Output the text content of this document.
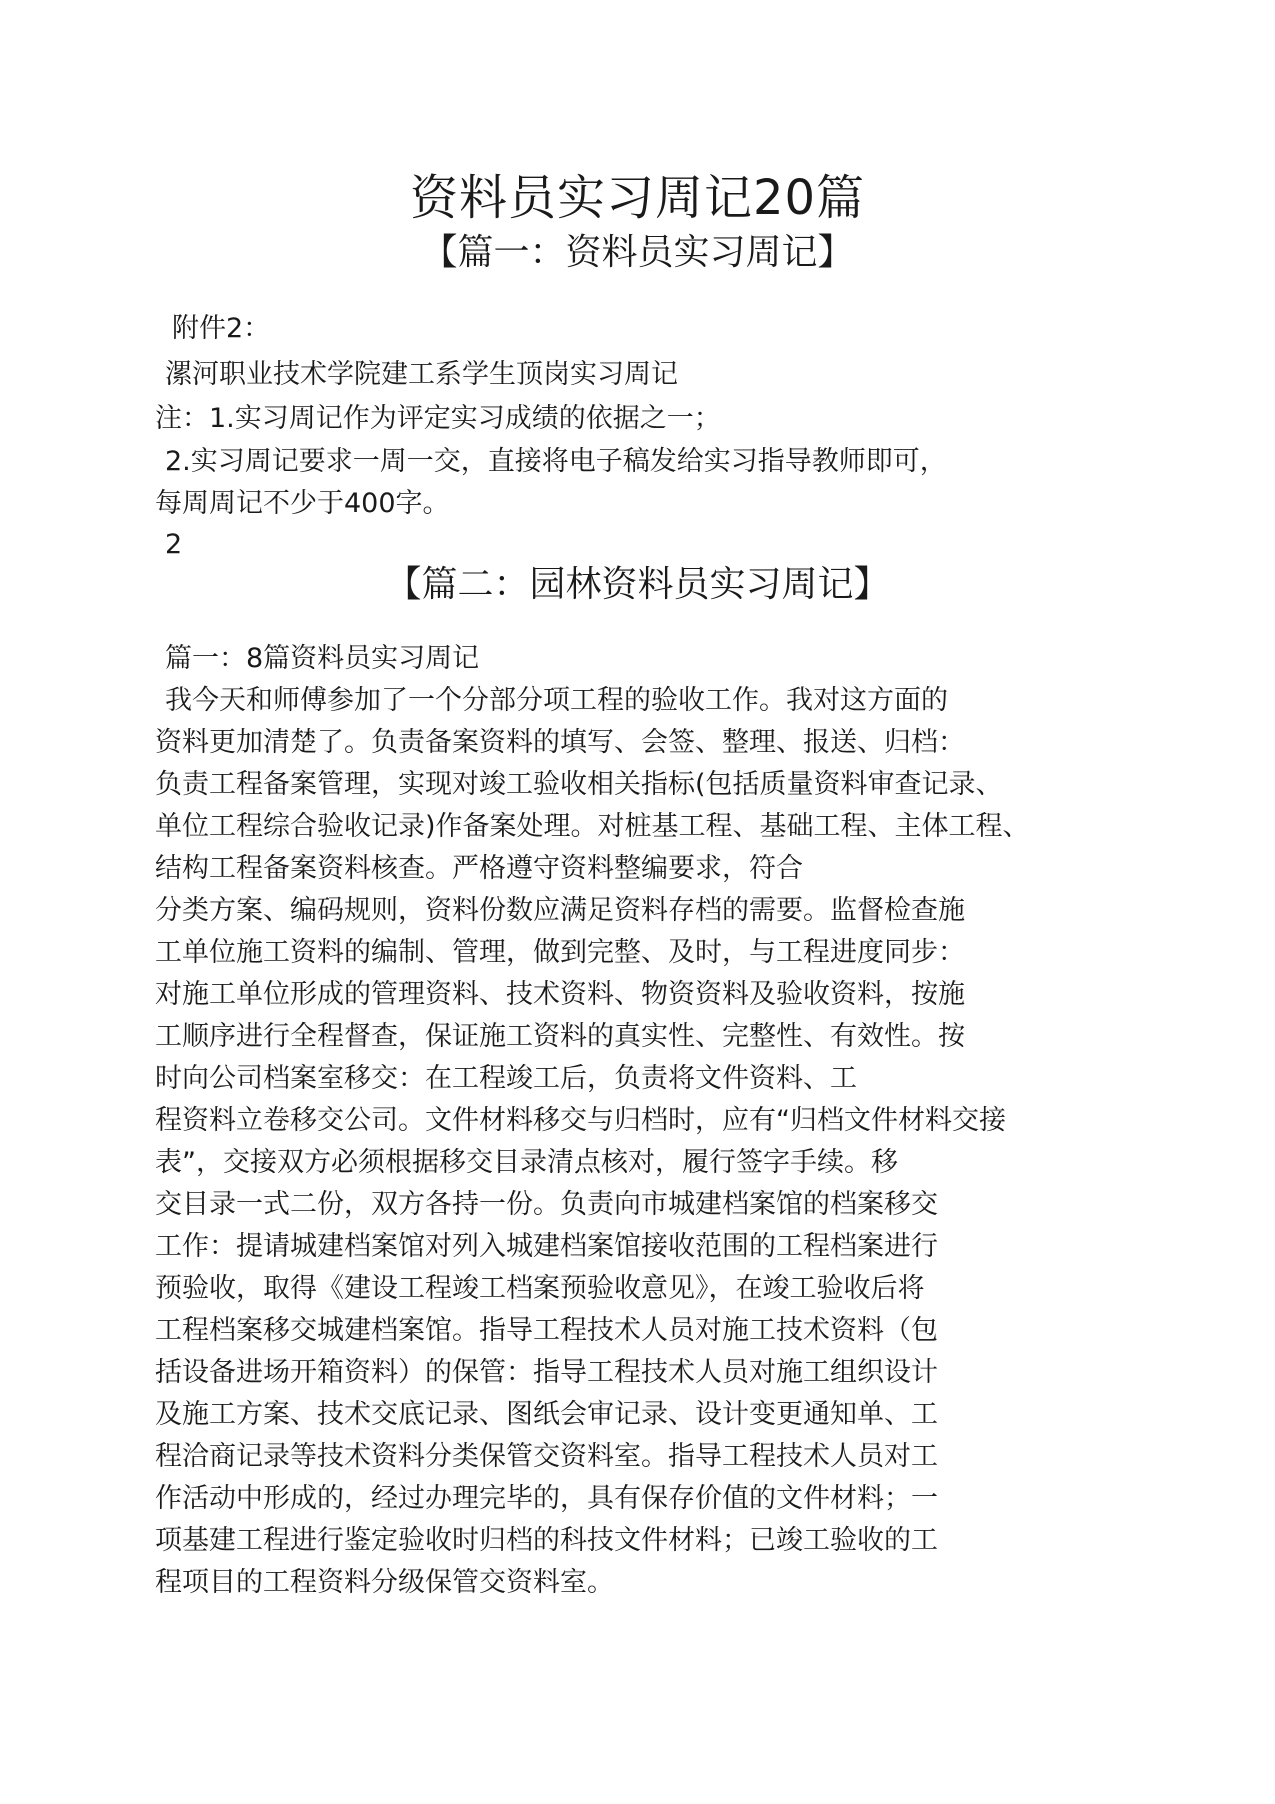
资料员实习周记20篇
【篇一：资料员实习周记】
附件2：
漯河职业技术学院建工系学生顶岗实习周记
注：1.实习周记作为评定实习成绩的依据之一；
2.实习周记要求一周一交，直接将电子稿发给实习指导教师即可，
每周周记不少于400字。
2
【篇二：园林资料员实习周记】
篇一：8篇资料员实习周记
我今天和师傅参加了一个分部分项工程的验收工作。我对这方面的
资料更加清楚了。负责备案资料的填写、会签、整理、报送、归档：
负责工程备案管理，实现对竣工验收相关指标(包括质量资料审查记录、
单位工程综合验收记录)作备案处理。对桩基工程、基础工程、主体工程、
结构工程备案资料核查。严格遵守资料整编要求，符合
分类方案、编码规则，资料份数应满足资料存档的需要。监督检查施
工单位施工资料的编制、管理，做到完整、及时，与工程进度同步：
对施工单位形成的管理资料、技术资料、物资资料及验收资料，按施
工顺序进行全程督查，保证施工资料的真实性、完整性、有效性。按
时向公司档案室移交：在工程竣工后，负责将文件资料、工
程资料立卷移交公司。文件材料移交与归档时，应有“归档文件材料交接
表”，交接双方必须根据移交目录清点核对，履行签字手续。移
交目录一式二份，双方各持一份。负责向市城建档案馆的档案移交
工作：提请城建档案馆对列入城建档案馆接收范围的工程档案进行
预验收，取得《建设工程竣工档案预验收意见》，在竣工验收后将
工程档案移交城建档案馆。指导工程技术人员对施工技术资料（包
括设备进场开箱资料）的保管：指导工程技术人员对施工组织设计
及施工方案、技术交底记录、图纸会审记录、设计变更通知单、工
程洽商记录等技术资料分类保管交资料室。指导工程技术人员对工
作活动中形成的，经过办理完毕的，具有保存价值的文件材料；一
项基建工程进行鉴定验收时归档的科技文件材料；已竣工验收的工
程项目的工程资料分级保管交资料室。
